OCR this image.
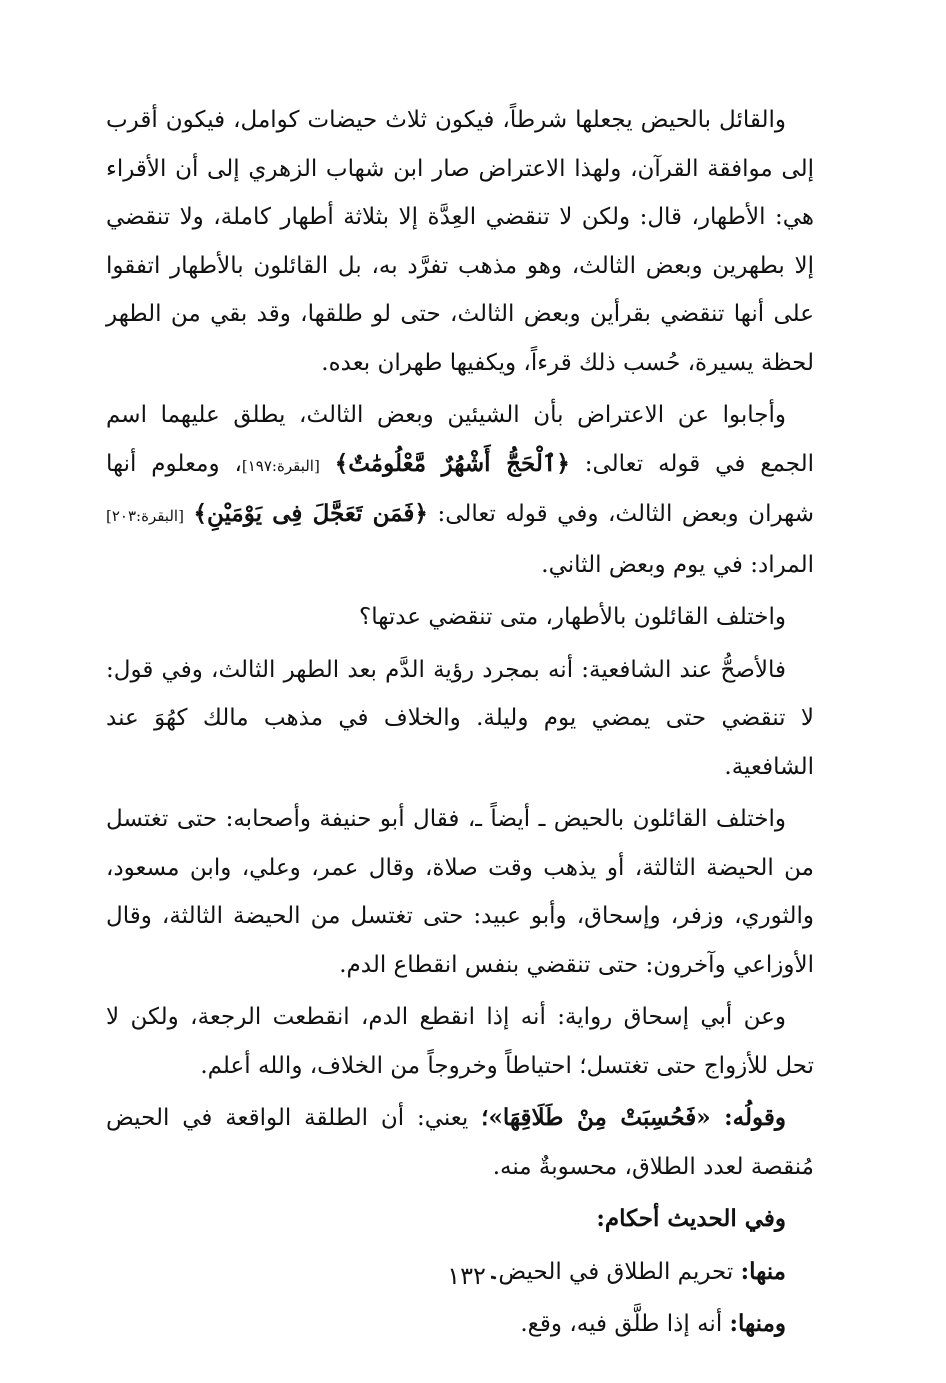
والقائل بالحيض يجعلها شرطاً، فيكون ثلاث حيضات كوامل، فيكون أقرب إلى موافقة القرآن، ولهذا الاعتراض صار ابن شهاب الزهري إلى أن الأقراء هي: الأطهار، قال: ولكن لا تنقضي العِدَّة إلا بثلاثة أطهار كاملة، ولا تنقضي إلا بطهرين وبعض الثالث، وهو مذهب تفرَّد به، بل القائلون بالأطهار اتفقوا على أنها تنقضي بقرأين وبعض الثالث، حتى لو طلقها، وقد بقي من الطهر لحظة يسيرة، حُسب ذلك قرءاً، ويكفيها طهران بعده.

وأجابوا عن الاعتراض بأن الشيئين وبعض الثالث، يطلق عليهما اسم الجمع في قوله تعالى: ﴿ٱلْحَجُّ أَشْهُرٌ مَّعْلُومَٰتٌ﴾ [البقرة:١٩٧]، ومعلوم أنها شهران وبعض الثالث، وفي قوله تعالى: ﴿فَمَن تَعَجَّلَ فِى يَوْمَيْنِ﴾ [البقرة:٢٠٣] المراد: في يوم وبعض الثاني.

واختلف القائلون بالأطهار، متى تنقضي عدتها؟

فالأصحُّ عند الشافعية: أنه بمجرد رؤية الدَّم بعد الطهر الثالث، وفي قول: لا تنقضي حتى يمضي يوم وليلة. والخلاف في مذهب مالك كهُوَ عند الشافعية.

واختلف القائلون بالحيض ـ أيضاً ـ، فقال أبو حنيفة وأصحابه: حتى تغتسل من الحيضة الثالثة، أو يذهب وقت صلاة، وقال عمر، وعلي، وابن مسعود، والثوري، وزفر، وإسحاق، وأبو عبيد: حتى تغتسل من الحيضة الثالثة، وقال الأوزاعي وآخرون: حتى تنقضي بنفس انقطاع الدم.

وعن أبي إسحاق رواية: أنه إذا انقطع الدم، انقطعت الرجعة، ولكن لا تحل للأزواج حتى تغتسل؛ احتياطاً وخروجاً من الخلاف، والله أعلم.

وقولُه: «فَحُسِبَتْ مِنْ طَلَاقِهَا»؛ يعني: أن الطلقة الواقعة في الحيض مُنقصة لعدد الطلاق، محسوبةٌ منه.

وفي الحديث أحكام:

منها: تحريم الطلاق في الحيض.

ومنها: أنه إذا طلَّق فيه، وقع.

١٣٢٠
